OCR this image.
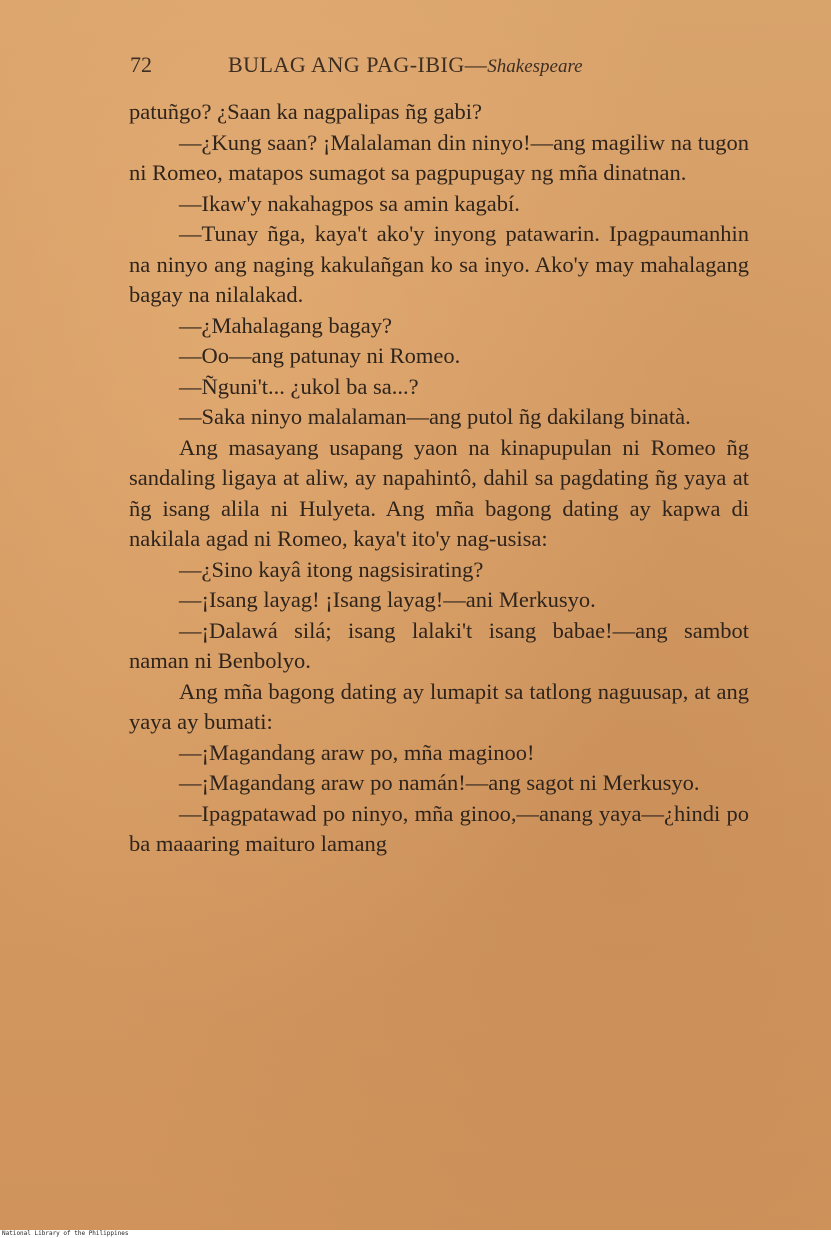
72	BULAG ANG PAG-IBIG—Shakespeare

patuñgo? ¿Saan ka nagpalipas ñg gabi?

—¿Kung saan? ¡Malalaman din ninyo!—ang magiliw na tugon ni Romeo, matapos sumagot sa pagpupugay ng mña dinatnan.

—Ikaw'y nakahagpos sa amin kagabí.

—Tunay ñga, kaya't ako'y inyong patawarin. Ipagpaumanhin na ninyo ang naging kakulañgan ko sa inyo. Ako'y may mahalagang bagay na nilalakad.

—¿Mahalagang bagay?

—Oo—ang patunay ni Romeo.

—Ñguni't... ¿ukol ba sa...?

—Saka ninyo malalaman—ang putol ñg dakilang binatà.

Ang masayang usapang yaon na kinapupulan ni Romeo ñg sandaling ligaya at aliw, ay napahintô, dahil sa pagdating ñg yaya at ñg isang alila ni Hulyeta. Ang mña bagong dating ay kapwa di nakilala agad ni Romeo, kaya't ito'y nag-usisa:

—¿Sino kayâ itong nagsisirating?

—¡Isang layag! ¡Isang layag!—ani Merkusyo.

—¡Dalawá silá; isang lalaki't isang babae!—ang sambot naman ni Benbolyo.

Ang mña bagong dating ay lumapit sa tatlong naguusap, at ang yaya ay bumati:

—¡Magandang araw po, mña maginoo!

—¡Magandang araw po namán!—ang sagot ni Merkusyo.

—Ipagpatawad po ninyo, mña ginoo,—anang yaya—¿hindi po ba maaaring maituro lamang

National Library of the Philippines
